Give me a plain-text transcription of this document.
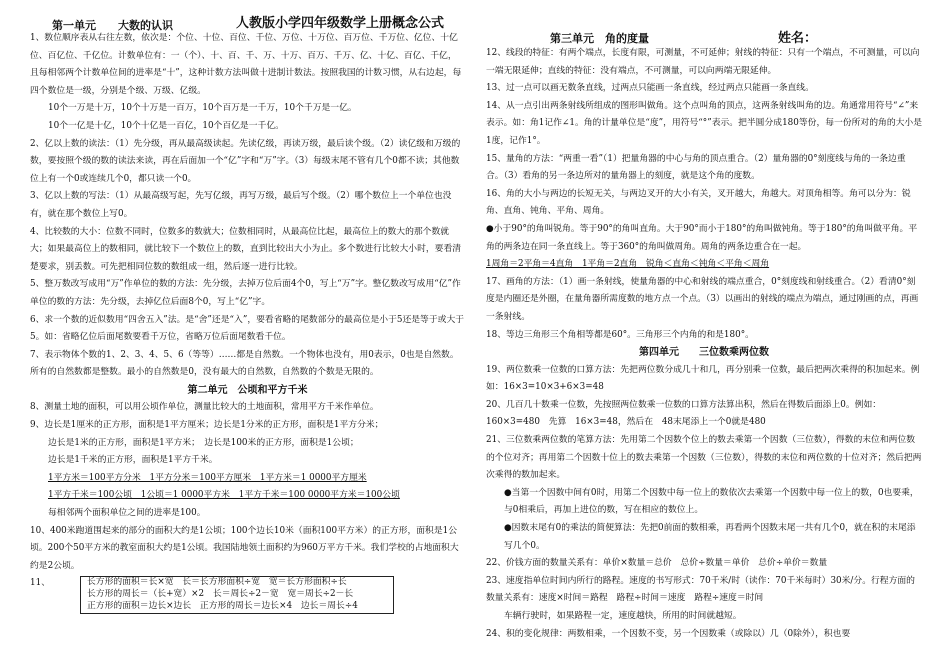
人教版小学四年级数学上册概念公式
第一单元　　大数的认识
姓名：

1、数位顺序表从右往左数，依次是：个位、十位、百位、千位、万位、十万位、百万位、千万位、亿位、十亿位、百亿位、千亿位。计数单位有：一（个）、十、百、千、万、十万、百万、千万、亿、十亿、百亿、千亿，且每相邻两个计数单位间的进率是“十”，这种计数方法叫做十进制计数法。按照我国的计数习惯，从右边起，每四个数位是一级，分别是个级、万级、亿级。

10个一万是十万，10个十万是一百万，10个百万是一千万，10个千万是一亿。

10个一亿是十亿，10个十亿是一百亿，10个百亿是一千亿。

2、亿以上数的读法：（1）先分级，再从最高级读起。先读亿级，再读万级，最后读个级。（2）读亿级和万级的数，要按照个级的数的读法来读，再在后面加一个“亿”字和“万”字。（3）每级末尾不管有几个0都不读；其他数位上有一个0或连续几个0，都只读一个0。

3、亿以上数的写法：（1）从最高级写起，先写亿级，再写万级，最后写个级。（2）哪个数位上一个单位也没有，就在那个数位上写0。

4、比较数的大小：位数不同时，位数多的数就大；位数相同时，从最高位比起，最高位上的数大的那个数就大；如果最高位上的数相同，就比较下一个数位上的数，直到比较出大小为止。多个数进行比较大小时，要看清楚要求，别丢数。可先把相同位数的数组成一组，然后逐一进行比较。

5、整万数改写成用“万”作单位的数的方法：先分级，去掉万位后面4个0，写上“万”字。整亿数改写成用“亿”作单位的数的方法：先分级，去掉亿位后面8个0，写上“亿”字。

6、求一个数的近似数用“四舍五入”法。是“舍”还是“入”，要看省略的尾数部分的最高位是小于5还是等于或大于5。如：省略亿位后面尾数要看千万位，省略万位后面尾数看千位。

7、表示物体个数的1、2、3、4、5、6（等等）……都是自然数。一个物体也没有，用0表示，0也是自然数。所有的自然数都是整数。最小的自然数是0，没有最大的自然数，自然数的个数是无限的。

第二单元　公顷和平方千米

8、测量土地的面积，可以用公顷作单位，测量比较大的土地面积，常用平方千米作单位。

9、边长是1厘米的正方形，面积是1平方厘米；边长是1分米的正方形，面积是1平方分米；

边长是1米的正方形，面积是1平方米；　边长是100米的正方形，面积是1公顷；

边长是1千米的正方形，面积是1平方千米。

1平方米＝100平方分米　1平方分米＝100平方厘米　1平方米＝1 0000平方厘米

1平方千米＝100公顷　1公顷＝1 0000平方米　1平方千米＝100 0000平方米＝100公顷

每相邻两个面积单位之间的进率是100。

10、400米跑道围起来的部分的面积大约是1公顷；100个边长10米（面积100平方米）的正方形，面积是1公顷。200个50平方米的教室面积大约是1公顷。我国陆地领土面积约为960万平方千米。我们学校的占地面积大约是2公顷。

11、	长方形的面积＝长×宽　长＝长方形面积÷宽　宽＝长方形面积÷长

长方形的周长＝（长+宽）×2　长＝周长÷2－宽　宽＝周长÷2－长

正方形的面积＝边长×边长　正方形的周长＝边长×4　边长＝周长÷4

第三单元　角的度量

12、线段的特征：有两个端点，长度有限，可测量，不可延伸；射线的特征：只有一个端点，不可测量，可以向一端无限延伸；直线的特征：没有端点，不可测量，可以向两端无限延伸。

13、过一点可以画无数条直线，过两点只能画一条直线，经过两点只能画一条直线。

14、从一点引出两条射线所组成的图形叫做角。这个点叫角的顶点，这两条射线叫角的边。角通常用符号“∠”来表示。如：角1记作∠1。角的计量单位是“度”，用符号“°”表示。把半圆分成180等份，每一份所对的角的大小是1度，记作1°。

15、量角的方法：“两重一看”（1）把量角器的中心与角的顶点重合。（2）量角器的0°刻度线与角的一条边重合。（3）看角的另一条边所对的量角器上的刻度，就是这个角的度数。

16、角的大小与两边的长短无关，与两边叉开的大小有关，叉开越大，角越大。对顶角相等。角可以分为：锐角、直角、钝角、平角、周角。

●小于90°的角叫锐角。等于90°的角叫直角。大于90°而小于180°的角叫做钝角。等于180°的角叫做平角。平角的两条边在同一条直线上。等于360°的角叫做周角。周角的两条边重合在一起。

1周角＝2平角＝4直角　1平角＝2直角　锐角＜直角＜钝角＜平角＜周角

17、画角的方法：（1）画一条射线，使量角器的中心和射线的端点重合，0°刻度线和射线重合。（2）看清0°刻度是内圈还是外圈，在量角器所需度数的地方点一个点。（3）以画出的射线的端点为端点，通过刚画的点，再画一条射线。

18、等边三角形三个角相等都是60°。三角形三个内角的和是180°。

第四单元　　三位数乘两位数

19、两位数乘一位数的口算方法：先把两位数分成几十和几，再分别乘一位数，最后把两次乘得的积加起来。例如：16×3=10×3+6×3=48

20、几百几十数乘一位数，先按照两位数乘一位数的口算方法算出积，然后在得数后面添上0。例如：160×3=480　先算　16×3=48，然后在　48末尾添上一个0就是480

21、三位数乘两位数的笔算方法：先用第二个因数个位上的数去乘第一个因数（三位数），得数的末位和两位数的个位对齐；再用第二个因数十位上的数去乘第一个因数（三位数），得数的末位和两位数的十位对齐；然后把两次乘得的数加起来。

●当第一个因数中间有0时，用第二个因数中每一位上的数依次去乘第一个因数中每一位上的数，0也要乘，与0相乘后，再加上进位的数，写在相应的数位上。

●因数末尾有0的乘法的简便算法：先把0前面的数相乘，再看两个因数末尾一共有几个0，就在积的末尾添写几个0。

22、价钱方面的数量关系有：单价×数量＝总价　总价÷数量＝单价　总价÷单价＝数量

23、速度指单位时间内所行的路程。速度的书写形式：70千米/时（读作：70千米每时）30米/分。行程方面的数量关系有：速度×时间＝路程　路程÷时间＝速度　路程÷速度＝时间

车辆行驶时，如果路程一定，速度越快，所用的时间就越短。

24、积的变化规律：两数相乘，一个因数不变，另一个因数乘（或除以）几（0除外），积也要
